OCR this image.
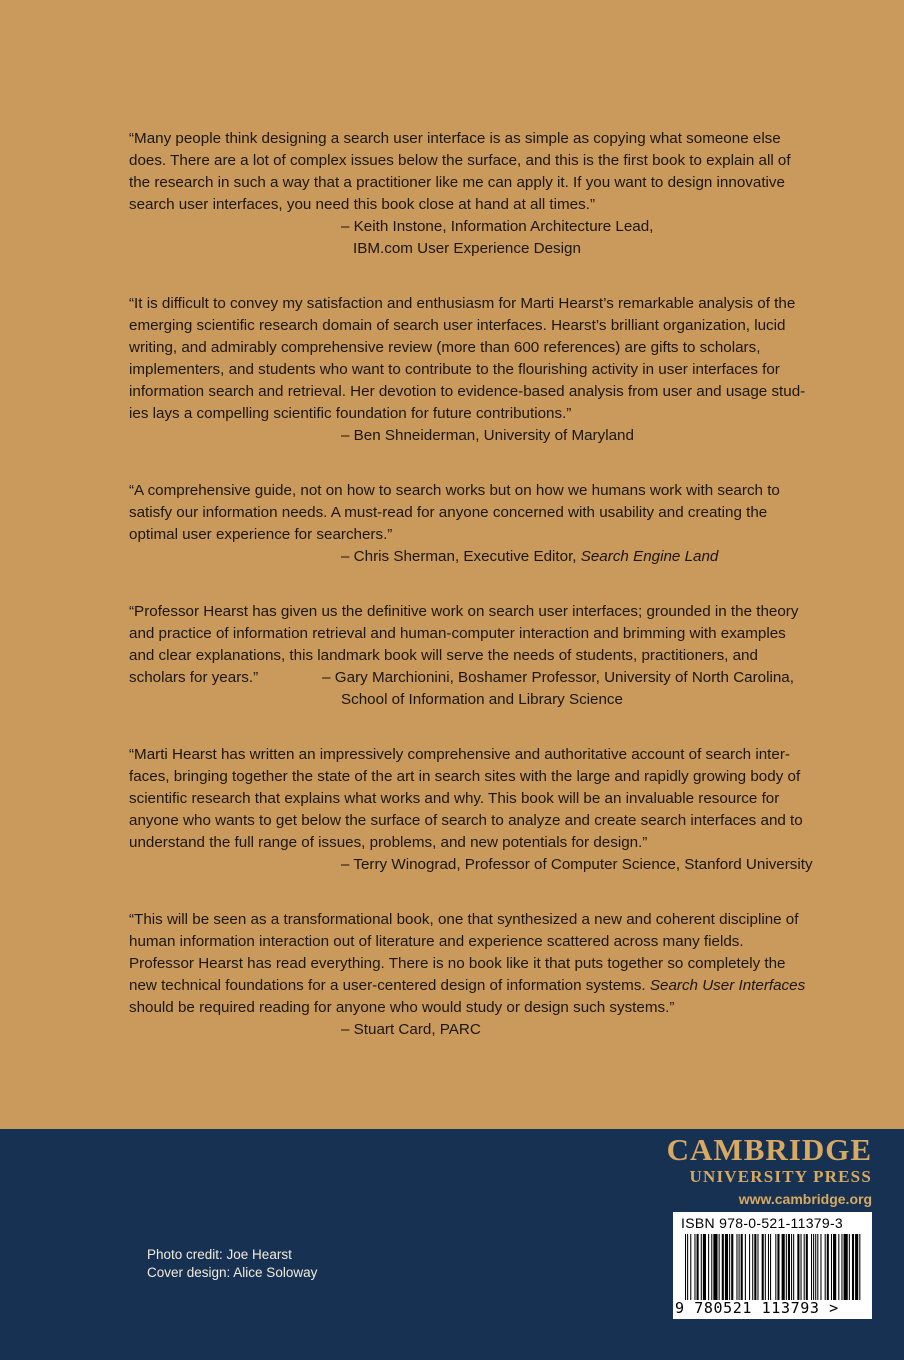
“Many people think designing a search user interface is as simple as copying what someone else
does. There are a lot of complex issues below the surface, and this is the first book to explain all of
the research in such a way that a practitioner like me can apply it. If you want to design innovative
search user interfaces, you need this book close at hand at all times.”

– Keith Instone, Information Architecture Lead,
IBM.com User Experience Design

“It is difficult to convey my satisfaction and enthusiasm for Marti Hearst’s remarkable analysis of the
emerging scientific research domain of search user interfaces. Hearst’s brilliant organization, lucid
writing, and admirably comprehensive review (more than 600 references) are gifts to scholars,
implementers, and students who want to contribute to the flourishing activity in user interfaces for
information search and retrieval. Her devotion to evidence-based analysis from user and usage stud-
ies lays a compelling scientific foundation for future contributions.”

– Ben Shneiderman, University of Maryland

“A comprehensive guide, not on how to search works but on how we humans work with search to
satisfy our information needs. A must-read for anyone concerned with usability and creating the
optimal user experience for searchers.”

– Chris Sherman, Executive Editor, Search Engine Land

“Professor Hearst has given us the definitive work on search user interfaces; grounded in the theory
and practice of information retrieval and human-computer interaction and brimming with examples
and clear explanations, this landmark book will serve the needs of students, practitioners, and
scholars for years.”	– Gary Marchionini, Boshamer Professor, University of North Carolina,

School of Information and Library Science

“Marti Hearst has written an impressively comprehensive and authoritative account of search inter-
faces, bringing together the state of the art in search sites with the large and rapidly growing body of
scientific research that explains what works and why. This book will be an invaluable resource for
anyone who wants to get below the surface of search to analyze and create search interfaces and to
understand the full range of issues, problems, and new potentials for design.”

– Terry Winograd, Professor of Computer Science, Stanford University

“This will be seen as a transformational book, one that synthesized a new and coherent discipline of
human information interaction out of literature and experience scattered across many fields.
Professor Hearst has read everything. There is no book like it that puts together so completely the
new technical foundations for a user-centered design of information systems. Search User Interfaces
should be required reading for anyone who would study or design such systems.”

– Stuart Card, PARC

Photo credit: Joe Hearst
Cover design: Alice Soloway
CAMBRIDGE
UNIVERSITY PRESS
www.cambridge.org
ISBN 978-0-521-11379-3
9 780521 113793 >
